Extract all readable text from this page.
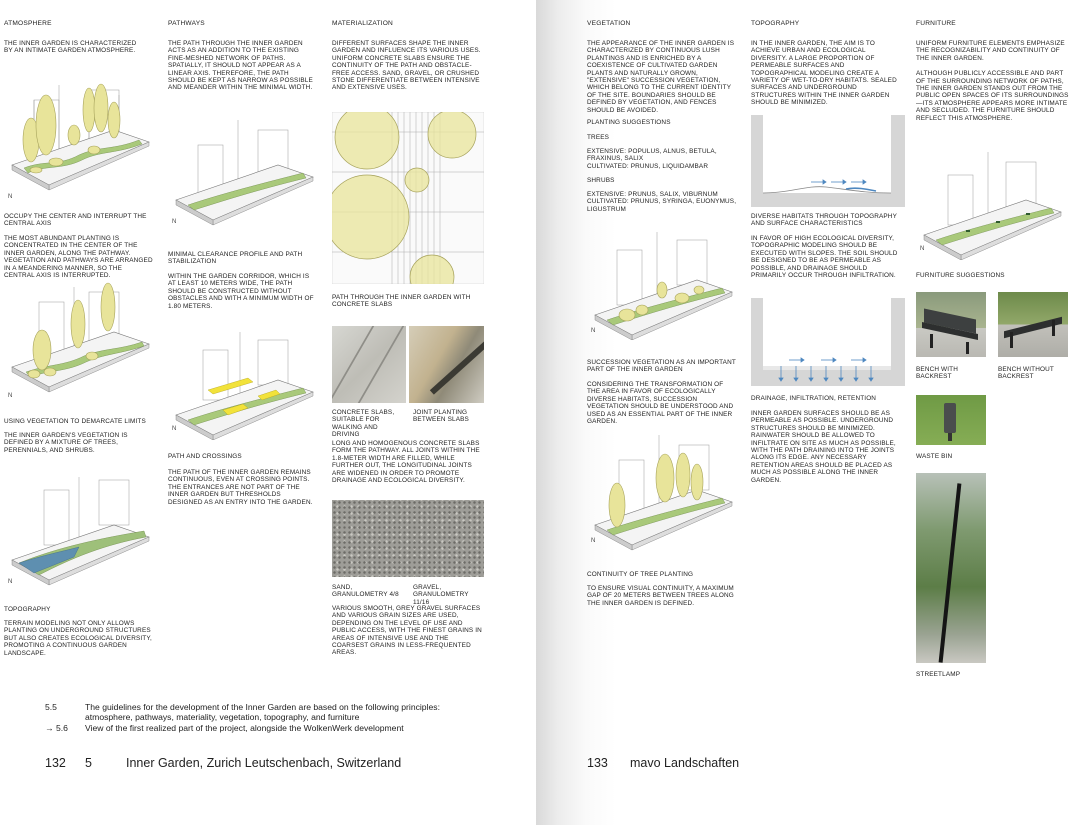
ATMOSPHERE

THE INNER GARDEN IS CHARACTERIZED BY AN INTIMATE GARDEN ATMOSPHERE.

N

OCCUPY THE CENTER AND INTERRUPT THE CENTRAL AXIS

THE MOST ABUNDANT PLANTING IS CONCENTRATED IN THE CENTER OF THE INNER GARDEN, ALONG THE PATHWAY. VEGETATION AND PATHWAYS ARE ARRANGED IN A MEANDERING MANNER, SO THE CENTRAL AXIS IS INTERRUPTED.

N

USING VEGETATION TO DEMARCATE LIMITS

THE INNER GARDEN'S VEGETATION IS DEFINED BY A MIXTURE OF TREES, PERENNIALS, AND SHRUBS.

N

TOPOGRAPHY

TERRAIN MODELING NOT ONLY ALLOWS PLANTING ON UNDERGROUND STRUCTURES BUT ALSO CREATES ECOLOGICAL DIVERSITY, PROMOTING A CONTINUOUS GARDEN LANDSCAPE.

PATHWAYS

THE PATH THROUGH THE INNER GARDEN ACTS AS AN ADDITION TO THE EXISTING FINE-MESHED NETWORK OF PATHS. SPATIALLY, IT SHOULD NOT APPEAR AS A LINEAR AXIS. THEREFORE, THE PATH SHOULD BE KEPT AS NARROW AS POSSIBLE AND MEANDER WITHIN THE MINIMAL WIDTH.

N

MINIMAL CLEARANCE PROFILE AND PATH STABILIZATION

WITHIN THE GARDEN CORRIDOR, WHICH IS AT LEAST 10 METERS WIDE, THE PATH SHOULD BE CONSTRUCTED WITHOUT OBSTACLES AND WITH A MINIMUM WIDTH OF 1.80 METERS.

N

PATH AND CROSSINGS

THE PATH OF THE INNER GARDEN REMAINS CONTINUOUS, EVEN AT CROSSING POINTS. THE ENTRANCES ARE NOT PART OF THE INNER GARDEN BUT THRESHOLDS DESIGNED AS AN ENTRY INTO THE GARDEN.

MATERIALIZATION

DIFFERENT SURFACES SHAPE THE INNER GARDEN AND INFLUENCE ITS VARIOUS USES. UNIFORM CONCRETE SLABS ENSURE THE CONTINUITY OF THE PATH AND OBSTACLE-FREE ACCESS. SAND, GRAVEL, OR CRUSHED STONE DIFFERENTIATE BETWEEN INTENSIVE AND EXTENSIVE USES.

PATH THROUGH THE INNER GARDEN WITH CONCRETE SLABS

CONCRETE SLABS, SUITABLE FOR WALKING AND DRIVING

JOINT PLANTING BETWEEN SLABS

LONG AND HOMOGENOUS CONCRETE SLABS FORM THE PATHWAY. ALL JOINTS WITHIN THE 1.8-METER WIDTH ARE FILLED, WHILE FURTHER OUT, THE LONGITUDINAL JOINTS ARE WIDENED IN ORDER TO PROMOTE DRAINAGE AND ECOLOGICAL DIVERSITY.

SAND, GRANULOMETRY 4/8

GRAVEL, GRANULOMETRY 11/16

VARIOUS SMOOTH, GREY GRAVEL SURFACES AND VARIOUS GRAIN SIZES ARE USED, DEPENDING ON THE LEVEL OF USE AND PUBLIC ACCESS, WITH THE FINEST GRAINS IN AREAS OF INTENSIVE USE AND THE COARSEST GRAINS IN LESS-FREQUENTED AREAS.

5.5	The guidelines for the development of the Inner Garden are based on the following principles:
atmosphere, pathways, materiality, vegetation, topography, and furniture
→ 5.6	View of the first realized part of the project, alongside the WolkenWerk development
132 5	Inner Garden, Zurich Leutschenbach, Switzerland

VEGETATION

THE APPEARANCE OF THE INNER GARDEN IS CHARACTERIZED BY CONTINUOUS LUSH PLANTINGS AND IS ENRICHED BY A COEXISTENCE OF CULTIVATED GARDEN PLANTS AND NATURALLY GROWN, "EXTENSIVE" SUCCESSION VEGETATION, WHICH BELONG TO THE CURRENT IDENTITY OF THE SITE. BOUNDARIES SHOULD BE DEFINED BY VEGETATION, AND FENCES SHOULD BE AVOIDED.

PLANTING SUGGESTIONS

TREES

EXTENSIVE: POPULUS, ALNUS, BETULA, FRAXINUS, SALIX
CULTIVATED: PRUNUS, LIQUIDAMBAR

SHRUBS

EXTENSIVE: PRUNUS, SALIX, VIBURNUM
CULTIVATED: PRUNUS, SYRINGA, EUONYMUS, LIGUSTRUM

N

SUCCESSION VEGETATION AS AN IMPORTANT PART OF THE INNER GARDEN

CONSIDERING THE TRANSFORMATION OF THE AREA IN FAVOR OF ECOLOGICALLY DIVERSE HABITATS, SUCCESSION VEGETATION SHOULD BE UNDERSTOOD AND USED AS AN ESSENTIAL PART OF THE INNER GARDEN.

N

CONTINUITY OF TREE PLANTING

TO ENSURE VISUAL CONTINUITY, A MAXIMUM GAP OF 20 METERS BETWEEN TREES ALONG THE INNER GARDEN IS DEFINED.

TOPOGRAPHY

IN THE INNER GARDEN, THE AIM IS TO ACHIEVE URBAN AND ECOLOGICAL DIVERSITY. A LARGE PROPORTION OF PERMEABLE SURFACES AND TOPOGRAPHICAL MODELING CREATE A VARIETY OF WET-TO-DRY HABITATS. SEALED SURFACES AND UNDERGROUND STRUCTURES WITHIN THE INNER GARDEN SHOULD BE MINIMIZED.

DIVERSE HABITATS THROUGH TOPOGRAPHY AND SURFACE CHARACTERISTICS

IN FAVOR OF HIGH ECOLOGICAL DIVERSITY, TOPOGRAPHIC MODELING SHOULD BE EXECUTED WITH SLOPES. THE SOIL SHOULD BE DESIGNED TO BE AS PERMEABLE AS POSSIBLE, AND DRAINAGE SHOULD PRIMARILY OCCUR THROUGH INFILTRATION.

DRAINAGE, INFILTRATION, RETENTION

INNER GARDEN SURFACES SHOULD BE AS PERMEABLE AS POSSIBLE. UNDERGROUND STRUCTURES SHOULD BE MINIMIZED. RAINWATER SHOULD BE ALLOWED TO INFILTRATE ON SITE AS MUCH AS POSSIBLE, WITH THE PATH DRAINING INTO THE JOINTS ALONG ITS EDGE. ANY NECESSARY RETENTION AREAS SHOULD BE PLACED AS MUCH AS POSSIBLE ALONG THE INNER GARDEN.

FURNITURE

UNIFORM FURNITURE ELEMENTS EMPHASIZE THE RECOGNIZABILITY AND CONTINUITY OF THE INNER GARDEN.

ALTHOUGH PUBLICLY ACCESSIBLE AND PART OF THE SURROUNDING NETWORK OF PATHS, THE INNER GARDEN STANDS OUT FROM THE PUBLIC OPEN SPACES OF ITS SURROUNDINGS—ITS ATMOSPHERE APPEARS MORE INTIMATE AND SECLUDED. THE FURNITURE SHOULD REFLECT THIS ATMOSPHERE.

N

FURNITURE SUGGESTIONS

BENCH WITH BACKREST

BENCH WITHOUT BACKREST

WASTE BIN

STREETLAMP

133 mavo Landschaften
